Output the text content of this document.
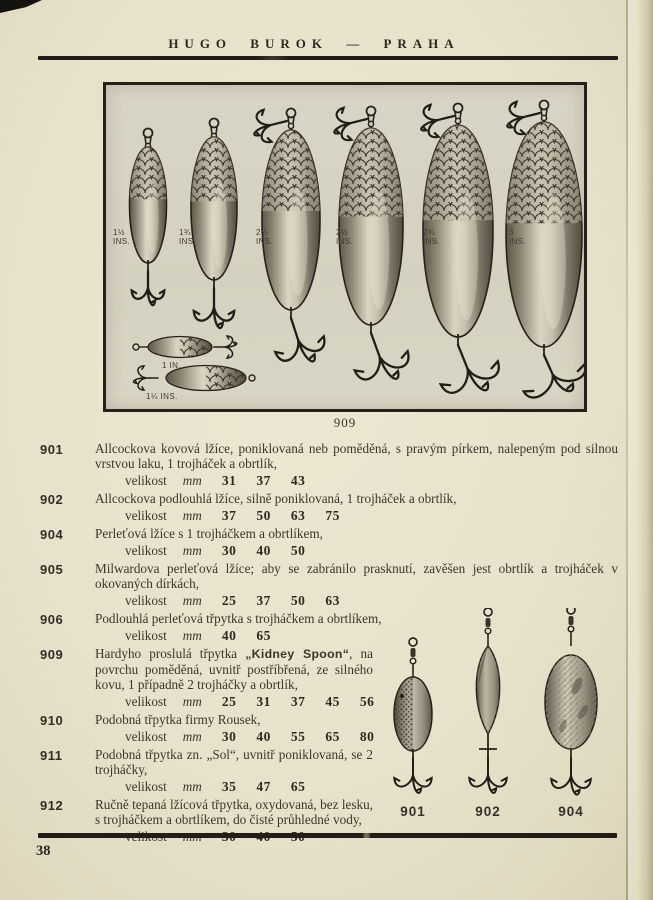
HUGO BUROK — PRAHA
1½ INS.
1¾ INS.
2¼ INS.
2½ INS.
2¾ INS.
3 INS.
1 IN.
1¼ INS.
909
901	Allcockova kovová lžíce, poniklovaná neb poměděná, s pravým pírkem, nalepeným pod silnou vrstvou laku, 1 trojháček a obrtlík,

velikost mm 31 37 43

902	Allcockova podlouhlá lžíce, silně poniklovaná, 1 trojháček a obrtlík,

velikost mm 37 50 63 75

904	Perleťová lžíce s 1 trojháčkem a obrtlíkem,

velikost mm 30 40 50

905	Milwardova perleťová lžíce; aby se zabránilo prasknutí, zavěšen jest obrtlík a trojháček v okovaných dírkách,

velikost mm 25 37 50 63

906	Podlouhlá perleťová třpytka s trojháčkem a obrtlíkem,

velikost mm 40 65

909	Hardyho proslulá třpytka „Kidney Spoon“, na povrchu poměděná, uvnitř postříbřená, ze silného kovu, 1 případně 2 trojháčky a obrtlík,

velikost mm 25 31 37 45 56

910	Podobná třpytka firmy Rousek,

velikost mm 30 40 55 65 80

911	Podobná třpytka zn. „Sol“, uvnitř poniklovaná, se 2 trojháčky,

velikost mm 35 47 65

912	Ručně tepaná lžícová třpytka, oxydovaná, bez lesku, s trojháčkem a obrtlíkem, do čisté průhledné vody,

901	902	904
38
